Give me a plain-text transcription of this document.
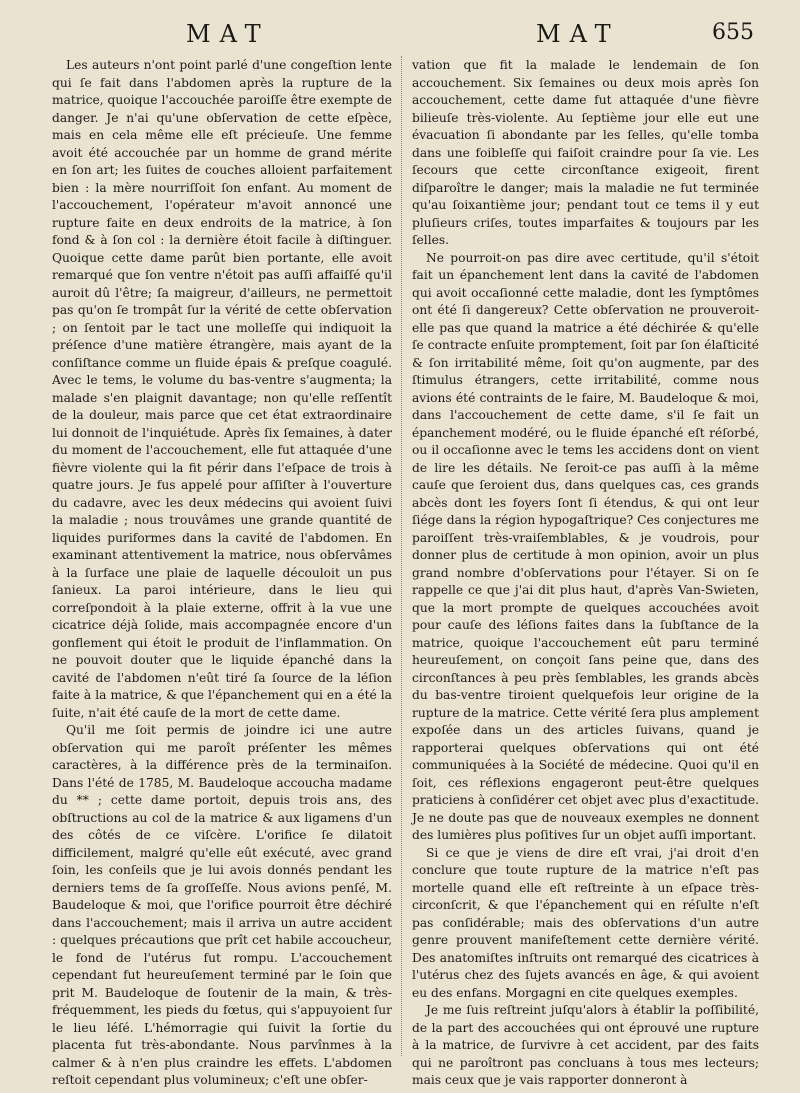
MAT	MAT	655

Les auteurs n'ont point parlé d'une congeſtion lente qui ſe fait dans l'abdomen après la rupture de la matrice, quoique l'accouchée paroiſſe être exempte de danger. Je n'ai qu'une obſervation de cette eſpèce, mais en cela même elle eſt précieuſe. Une femme avoit été accouchée par un homme de grand mérite en ſon art; les ſuites de couches alloient parfaitement bien : la mère nourriſſoit ſon enfant. Au moment de l'accouchement, l'opérateur m'avoit annoncé une rupture faite en deux endroits de la matrice, à ſon fond & à ſon col : la dernière étoit facile à diſtinguer. Quoique cette dame parût bien portante, elle avoit remarqué que ſon ventre n'étoit pas auſſi affaiſſé qu'il auroit dû l'être; ſa maigreur, d'ailleurs, ne permettoit pas qu'on ſe trompât ſur la vérité de cette obſervation ; on ſentoit par le tact une molleſſe qui indiquoit la préſence d'une matière étrangère, mais ayant de la conſiſtance comme un fluide épais & preſque coagulé. Avec le tems, le volume du bas-ventre s'augmenta; la malade s'en plaignit davantage; non qu'elle reſſentît de la douleur, mais parce que cet état extraordinaire lui donnoit de l'inquiétude. Après ſix ſemaines, à dater du moment de l'accouchement, elle fut attaquée d'une fièvre violente qui la fit périr dans l'eſpace de trois à quatre jours. Je fus appelé pour aſſiſter à l'ouverture du cadavre, avec les deux médecins qui avoient ſuivi la maladie ; nous trouvâmes une grande quantité de liquides puriformes dans la cavité de l'abdomen. En examinant attentivement la matrice, nous obſervâmes à la ſurface une plaie de laquelle découloit un pus ſanieux. La paroi intérieure, dans le lieu qui correſpondoit à la plaie externe, offrit à la vue une cicatrice déjà ſolide, mais accompagnée encore d'un gonflement qui étoit le produit de l'inflammation. On ne pouvoit douter que le liquide épanché dans la cavité de l'abdomen n'eût tiré ſa ſource de la léſion faite à la matrice, & que l'épanchement qui en a été la ſuite, n'ait été cauſe de la mort de cette dame.

Qu'il me ſoit permis de joindre ici une autre obſervation qui me paroît préſenter les mêmes caractères, à la différence près de la terminaiſon. Dans l'été de 1785, M. Baudeloque accoucha madame du ** ; cette dame portoit, depuis trois ans, des obſtructions au col de la matrice & aux ligamens d'un des côtés de ce viſcère. L'orifice ſe dilatoit difficilement, malgré qu'elle eût exécuté, avec grand ſoin, les conſeils que je lui avois donnés pendant les derniers tems de ſa groſſeſſe. Nous avions penſé, M. Baudeloque & moi, que l'orifice pourroit être déchiré dans l'accouchement; mais il arriva un autre accident : quelques précautions que prît cet habile accoucheur, le fond de l'utérus fut rompu. L'accouchement cependant fut heureuſement terminé par le ſoin que prit M. Baudeloque de ſoutenir de la main, & très-fréquemment, les pieds du fœtus, qui s'appuyoient ſur le lieu léſé. L'hémorragie qui ſuivit la ſortie du placenta fut très-abondante. Nous parvînmes à la calmer & à n'en plus craindre les effets. L'abdomen reſtoit cependant plus volumineux; c'eſt une obſer-

vation que fit la malade le lendemain de ſon accouchement. Six ſemaines ou deux mois après ſon accouchement, cette dame fut attaquée d'une fièvre bilieuſe très-violente. Au ſeptième jour elle eut une évacuation ſi abondante par les ſelles, qu'elle tomba dans une foibleſſe qui faiſoit craindre pour ſa vie. Les ſecours que cette circonſtance exigeoit, firent diſparoître le danger; mais la maladie ne fut terminée qu'au ſoixantième jour; pendant tout ce tems il y eut pluſieurs criſes, toutes imparfaites & toujours par les ſelles.

Ne pourroit-on pas dire avec certitude, qu'il s'étoit fait un épanchement lent dans la cavité de l'abdomen qui avoit occaſionné cette maladie, dont les ſymptômes ont été ſi dangereux? Cette obſervation ne prouveroit-elle pas que quand la matrice a été déchirée & qu'elle ſe contracte enſuite promptement, ſoit par ſon élaſticité & ſon irritabilité même, ſoit qu'on augmente, par des ſtimulus étrangers, cette irritabilité, comme nous avions été contraints de le faire, M. Baudeloque & moi, dans l'accouchement de cette dame, s'il ſe fait un épanchement modéré, ou le fluide épanché eſt réſorbé, ou il occaſionne avec le tems les accidens dont on vient de lire les détails. Ne ſeroit-ce pas auſſi à la même cauſe que ſeroient dus, dans quelques cas, ces grands abcès dont les foyers ſont ſi étendus, & qui ont leur ſiége dans la région hypogaſtrique? Ces conjectures me paroiſſent très-vraiſemblables, & je voudrois, pour donner plus de certitude à mon opinion, avoir un plus grand nombre d'obſervations pour l'étayer. Si on ſe rappelle ce que j'ai dit plus haut, d'après Van-Swieten, que la mort prompte de quelques accouchées avoit pour cauſe des léſions faites dans la ſubſtance de la matrice, quoique l'accouchement eût paru terminé heureuſement, on conçoit ſans peine que, dans des circonſtances à peu près ſemblables, les grands abcès du bas-ventre tiroient quelquefois leur origine de la rupture de la matrice. Cette vérité ſera plus amplement expoſée dans un des articles ſuivans, quand je rapporterai quelques obſervations qui ont été communiquées à la Société de médecine. Quoi qu'il en ſoit, ces réflexions engageront peut-être quelques praticiens à conſidérer cet objet avec plus d'exactitude. Je ne doute pas que de nouveaux exemples ne donnent des lumières plus poſitives ſur un objet auſſi important.

Si ce que je viens de dire eſt vrai, j'ai droit d'en conclure que toute rupture de la matrice n'eſt pas mortelle quand elle eſt reſtreinte à un eſpace très-circonſcrit, & que l'épanchement qui en réſulte n'eſt pas conſidérable; mais des obſervations d'un autre genre prouvent manifeſtement cette dernière vérité. Des anatomiſtes inſtruits ont remarqué des cicatrices à l'utérus chez des ſujets avancés en âge, & qui avoient eu des enfans. Morgagni en cite quelques exemples.

Je me ſuis reſtreint juſqu'alors à établir la poſſibilité, de la part des accouchées qui ont éprouvé une rupture à la matrice, de ſurvivre à cet accident, par des faits qui ne paroîtront pas concluans à tous mes lecteurs; mais ceux que je vais rapporter donneront à
